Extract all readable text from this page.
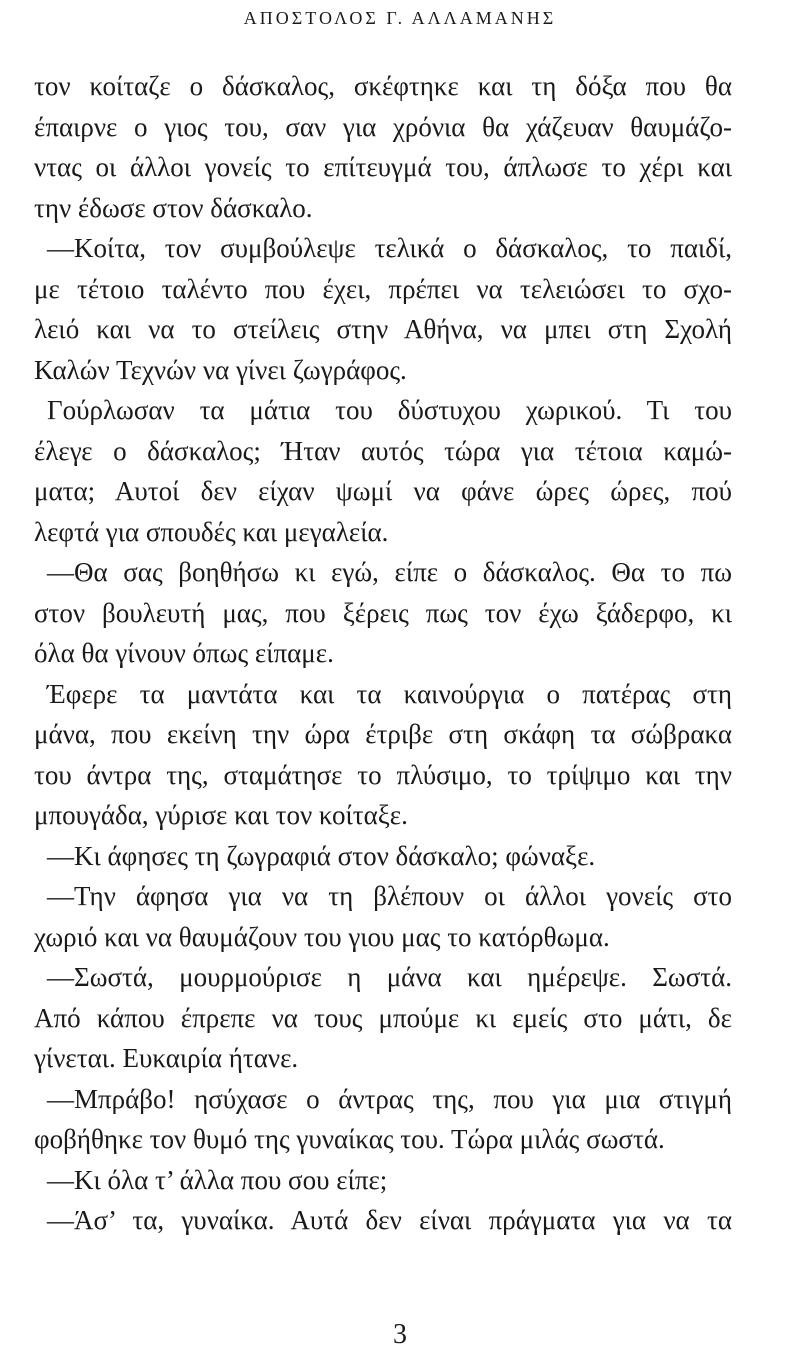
ΑΠΟΣΤΟΛΟΣ Γ. ΑΛΛΑΜΑΝΗΣ
τον κοίταζε ο δάσκαλος, σκέφτηκε και τη δόξα που θα
έπαιρνε ο γιος του, σαν για χρόνια θα χάζευαν θαυμάζο-
ντας οι άλλοι γονείς το επίτευγμά του, άπλωσε το χέρι και
την έδωσε στον δάσκαλο.
—Κοίτα, τον συμβούλεψε τελικά ο δάσκαλος, το παιδί,
με τέτοιο ταλέντο που έχει, πρέπει να τελειώσει το σχο-
λειό και να το στείλεις στην Αθήνα, να μπει στη Σχολή
Καλών Τεχνών να γίνει ζωγράφος.
Γούρλωσαν τα μάτια του δύστυχου χωρικού. Τι του
έλεγε ο δάσκαλος; Ήταν αυτός τώρα για τέτοια καμώ-
ματα; Αυτοί δεν είχαν ψωμί να φάνε ώρες ώρες, πού
λεφτά για σπουδές και μεγαλεία.
—Θα σας βοηθήσω κι εγώ, είπε ο δάσκαλος. Θα το πω
στον βουλευτή μας, που ξέρεις πως τον έχω ξάδερφο, κι
όλα θα γίνουν όπως είπαμε.
Έφερε τα μαντάτα και τα καινούργια ο πατέρας στη
μάνα, που εκείνη την ώρα έτριβε στη σκάφη τα σώβρακα
του άντρα της, σταμάτησε το πλύσιμο, το τρίψιμο και την
μπουγάδα, γύρισε και τον κοίταξε.
—Κι άφησες τη ζωγραφιά στον δάσκαλο; φώναξε.
—Την άφησα για να τη βλέπουν οι άλλοι γονείς στο
χωριό και να θαυμάζουν του γιου μας το κατόρθωμα.
—Σωστά, μουρμούρισε η μάνα και ημέρεψε. Σωστά.
Από κάπου έπρεπε να τους μπούμε κι εμείς στο μάτι, δε
γίνεται. Ευκαιρία ήτανε.
—Μπράβο! ησύχασε ο άντρας της, που για μια στιγμή
φοβήθηκε τον θυμό της γυναίκας του. Τώρα μιλάς σωστά.
—Κι όλα τ’ άλλα που σου είπε;
—Άσ’ τα, γυναίκα. Αυτά δεν είναι πράγματα για να τα
3
